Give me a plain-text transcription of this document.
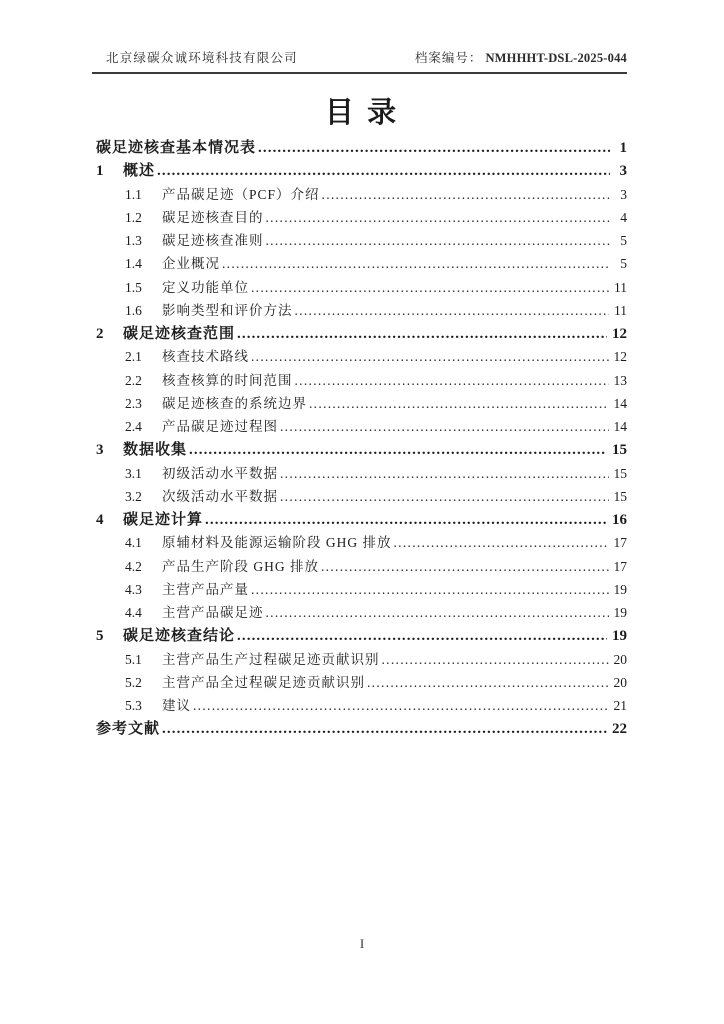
北京绿碳众诚环境科技有限公司	档案编号： NMHHHT-DSL-2025-044
目 录
碳足迹核查基本情况表 .....	1
1	概述 .....	3
1.1	产品碳足迹（PCF）介绍 .....	3
1.2	碳足迹核查目的 .....	4
1.3	碳足迹核查准则 .....	5
1.4	企业概况 .....	5
1.5	定义功能单位 .....	11
1.6	影响类型和评价方法 .....	11
2	碳足迹核查范围 .....	12
2.1	核查技术路线 .....	12
2.2	核查核算的时间范围 .....	13
2.3	碳足迹核查的系统边界 .....	14
2.4	产品碳足迹过程图 .....	14
3	数据收集 .....	15
3.1	初级活动水平数据 .....	15
3.2	次级活动水平数据 .....	15
4	碳足迹计算 .....	16
4.1	原辅材料及能源运输阶段 GHG 排放 .....	17
4.2	产品生产阶段 GHG 排放 .....	17
4.3	主营产品产量 .....	19
4.4	主营产品碳足迹 .....	19
5	碳足迹核查结论 .....	19
5.1	主营产品生产过程碳足迹贡献识别 .....	20
5.2	主营产品全过程碳足迹贡献识别 .....	20
5.3	建议 .....	21
参考文献 .....	22
I
